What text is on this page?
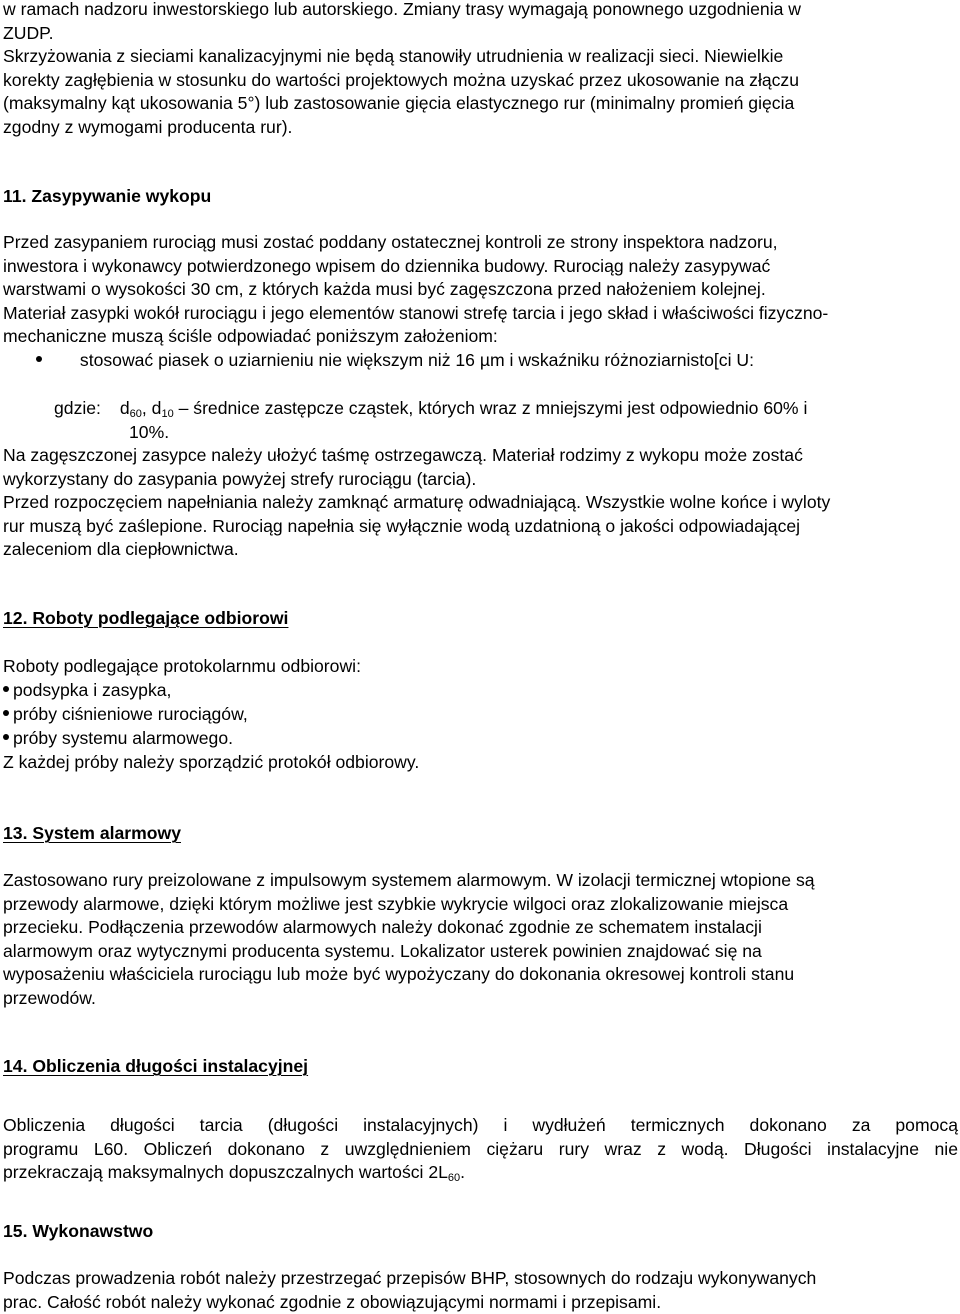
w ramach nadzoru inwestorskiego lub autorskiego. Zmiany trasy wymagają ponownego uzgodnienia w
ZUDP.
Skrzyżowania z sieciami kanalizacyjnymi nie będą stanowiły utrudnienia w realizacji sieci. Niewielkie
korekty zagłębienia w stosunku do wartości projektowych można uzyskać przez ukosowanie na złączu
(maksymalny kąt ukosowania 5°) lub zastosowanie gięcia elastycznego rur (minimalny promień gięcia
zgodny z wymogami producenta rur).
11. Zasypywanie wykopu
Przed zasypaniem rurociąg musi zostać poddany ostatecznej kontroli ze strony inspektora nadzoru,
inwestora i wykonawcy potwierdzonego wpisem do dziennika budowy. Rurociąg należy zasypywać
warstwami o wysokości 30 cm, z których każda musi być zagęszczona przed nałożeniem kolejnej.
Materiał zasypki wokół rurociągu i jego elementów stanowi strefę tarcia i jego skład i właściwości fizyczno-
mechaniczne muszą ściśle odpowiadać poniższym założeniom:
stosować piasek o uziarnieniu nie większym niż 16 µm i wskaźniku różnoziarnisto[ci U:
gdzie: $d_{60}$, $d_{10}$ – średnice zastępcze cząstek, których wraz z mniejszymi jest odpowiednio 60% i
10%.
Na zagęszczonej zasypce należy ułożyć taśmę ostrzegawczą. Materiał rodzimy z wykopu może zostać
wykorzystany do zasypania powyżej strefy rurociągu (tarcia).
Przed rozpoczęciem napełniania należy zamknąć armaturę odwadniającą. Wszystkie wolne końce i wyloty
rur muszą być zaślepione. Rurociąg napełnia się wyłącznie wodą uzdatnioną o jakości odpowiadającej
zaleceniom dla ciepłownictwa.
12. Roboty podlegające odbiorowi
Roboty podlegające protokolarnmu odbiorowi:
podsypka i zasypka,
próby ciśnieniowe rurociągów,
próby systemu alarmowego.
Z każdej próby należy sporządzić protokół odbiorowy.
13. System alarmowy
Zastosowano rury preizolowane z impulsowym systemem alarmowym. W izolacji termicznej wtopione są
przewody alarmowe, dzięki którym możliwe jest szybkie wykrycie wilgoci oraz zlokalizowanie miejsca
przecieku. Podłączenia przewodów alarmowych należy dokonać zgodnie ze schematem instalacji
alarmowym oraz wytycznymi producenta systemu. Lokalizator usterek powinien znajdować się na
wyposażeniu właściciela rurociągu lub może być wypożyczany do dokonania okresowej kontroli stanu
przewodów.
14. Obliczenia długości instalacyjnej
Obliczenia długości tarcia (długości instalacyjnych) i wydłużeń termicznych dokonano za pomocą
programu L60. Obliczeń dokonano z uwzględnieniem ciężaru rury wraz z wodą. Długości instalacyjne nie
przekraczają maksymalnych dopuszczalnych wartości $2L_{60}$.
15. Wykonawstwo
Podczas prowadzenia robót należy przestrzegać przepisów BHP, stosownych do rodzaju wykonywanych
prac. Całość robót należy wykonać zgodnie z obowiązującymi normami i przepisami.
